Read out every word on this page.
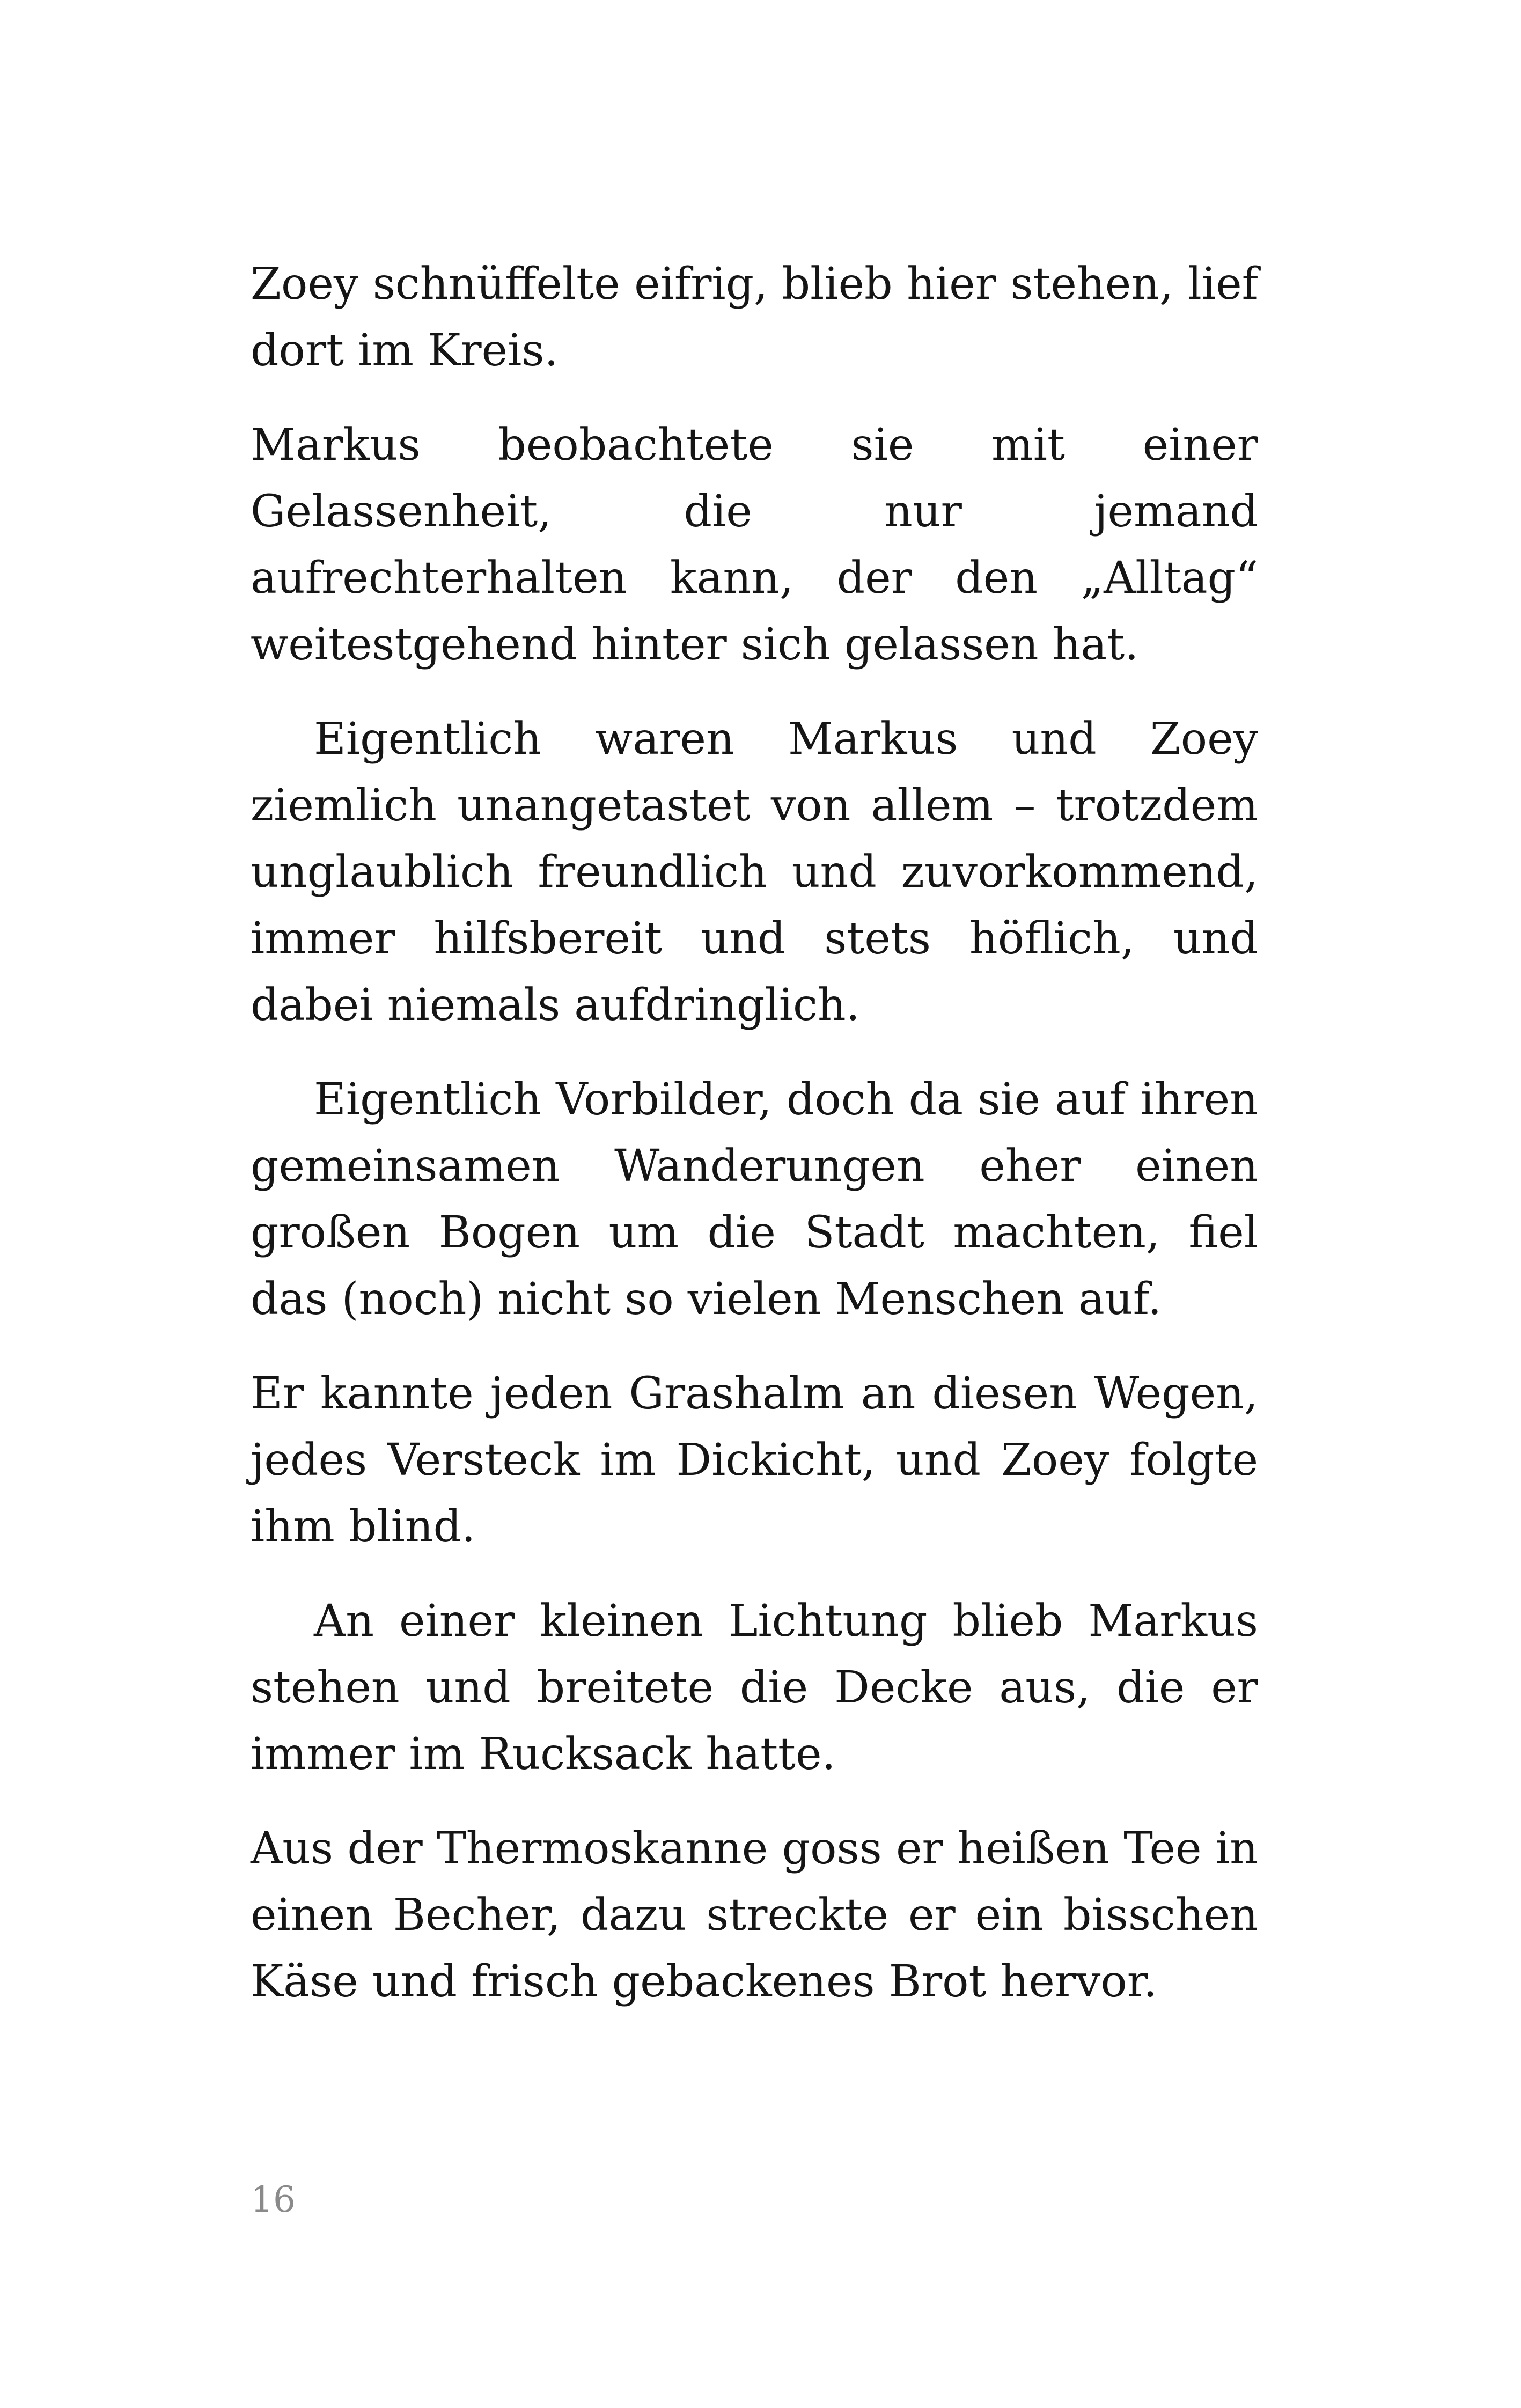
Zoey schnüffelte eifrig, blieb hier stehen, lief dort im Kreis.

Markus beobachtete sie mit einer Gelassenheit, die nur jemand aufrechterhalten kann, der den „Alltag“ weitestgehend hinter sich gelassen hat.

Eigentlich waren Markus und Zoey ziemlich unangetastet von allem – trotzdem unglaublich freundlich und zuvorkommend, immer hilfsbereit und stets höflich, und dabei niemals aufdringlich.

Eigentlich Vorbilder, doch da sie auf ihren gemeinsamen Wanderungen eher einen großen Bogen um die Stadt machten, fiel das (noch) nicht so vielen Menschen auf.

Er kannte jeden Grashalm an diesen Wegen, jedes Versteck im Dickicht, und Zoey folgte ihm blind.

An einer kleinen Lichtung blieb Markus stehen und breitete die Decke aus, die er immer im Rucksack hatte.

Aus der Thermoskanne goss er heißen Tee in einen Becher, dazu streckte er ein bisschen Käse und frisch gebackenes Brot hervor.

16
